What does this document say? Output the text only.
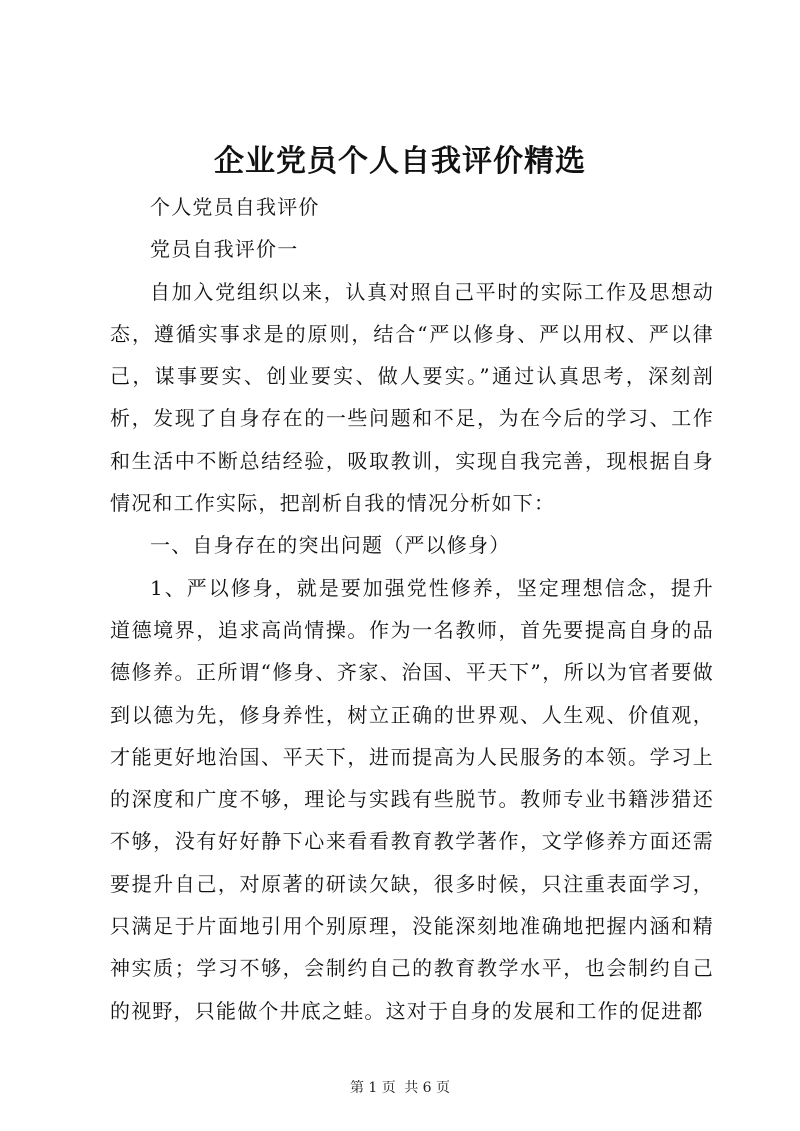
企业党员个人自我评价精选

个人党员自我评价

党员自我评价一

自加入党组织以来，认真对照自己平时的实际工作及思想动态，遵循实事求是的原则，结合“严以修身、严以用权、严以律己，谋事要实、创业要实、做人要实。”通过认真思考，深刻剖析，发现了自身存在的一些问题和不足，为在今后的学习、工作和生活中不断总结经验，吸取教训，实现自我完善，现根据自身情况和工作实际，把剖析自我的情况分析如下：

一、自身存在的突出问题（严以修身）

1、严以修身，就是要加强党性修养，坚定理想信念，提升道德境界，追求高尚情操。作为一名教师，首先要提高自身的品德修养。正所谓“修身、齐家、治国、平天下”，所以为官者要做到以德为先，修身养性，树立正确的世界观、人生观、价值观，才能更好地治国、平天下，进而提高为人民服务的本领。学习上的深度和广度不够，理论与实践有些脱节。教师专业书籍涉猎还不够，没有好好静下心来看看教育教学著作，文学修养方面还需要提升自己，对原著的研读欠缺，很多时候，只注重表面学习，只满足于片面地引用个别原理，没能深刻地准确地把握内涵和精神实质；学习不够，会制约自己的教育教学水平，也会制约自己的视野，只能做个井底之蛙。这对于自身的发展和工作的促进都

第 1 页 共 6 页
